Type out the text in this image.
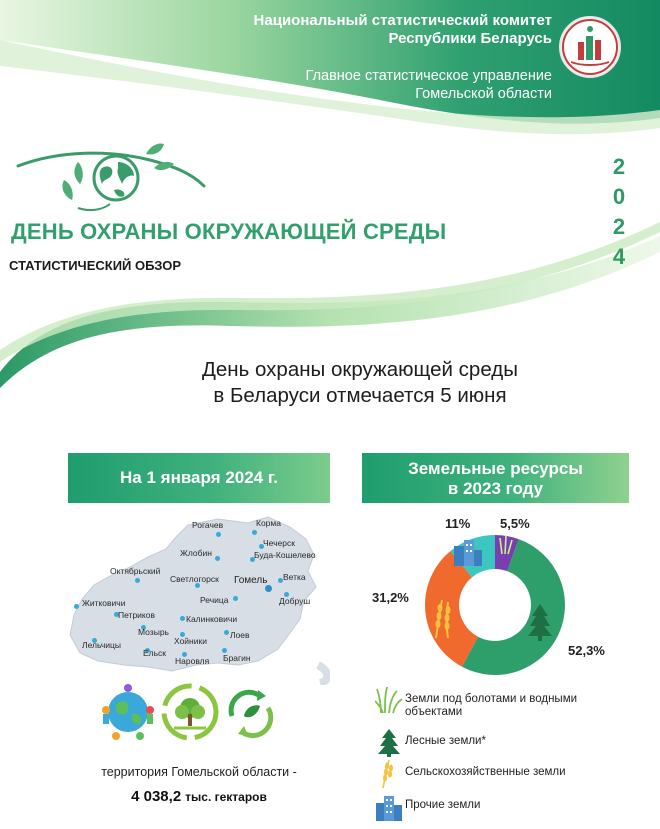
Национальный статистический комитет
Республики Беларусь
Главное статистическое управление
Гомельской области
ДЕНЬ ОХРАНЫ ОКРУЖАЮЩЕЙ СРЕДЫ
СТАТИСТИЧЕСКИЙ ОБЗОР
2
0
2
4
День охраны окружающей среды
в Беларуси отмечается 5 июня
На 1 января 2024 г.
Рогачев	Корма
Чечерск
Жлобин	Буда-Кошелево
Октябрьский
Светлогорск Гомель Ветка
Добруш
Речица
Житковичи
Петриков	Калинковичи
Мозырь	Лоев
Лельчицы	Хойники
Ельск
Наровля Брагин
территория Гомельской области -
4 038,2 тыс. гектаров
Земельные ресурсы
в 2023 году
52,3%
31,2%
11% 5,5%
Земли под болотами и водными
объектами
Лесные земли*
Сельскохозяйственные земли
Прочие земли
